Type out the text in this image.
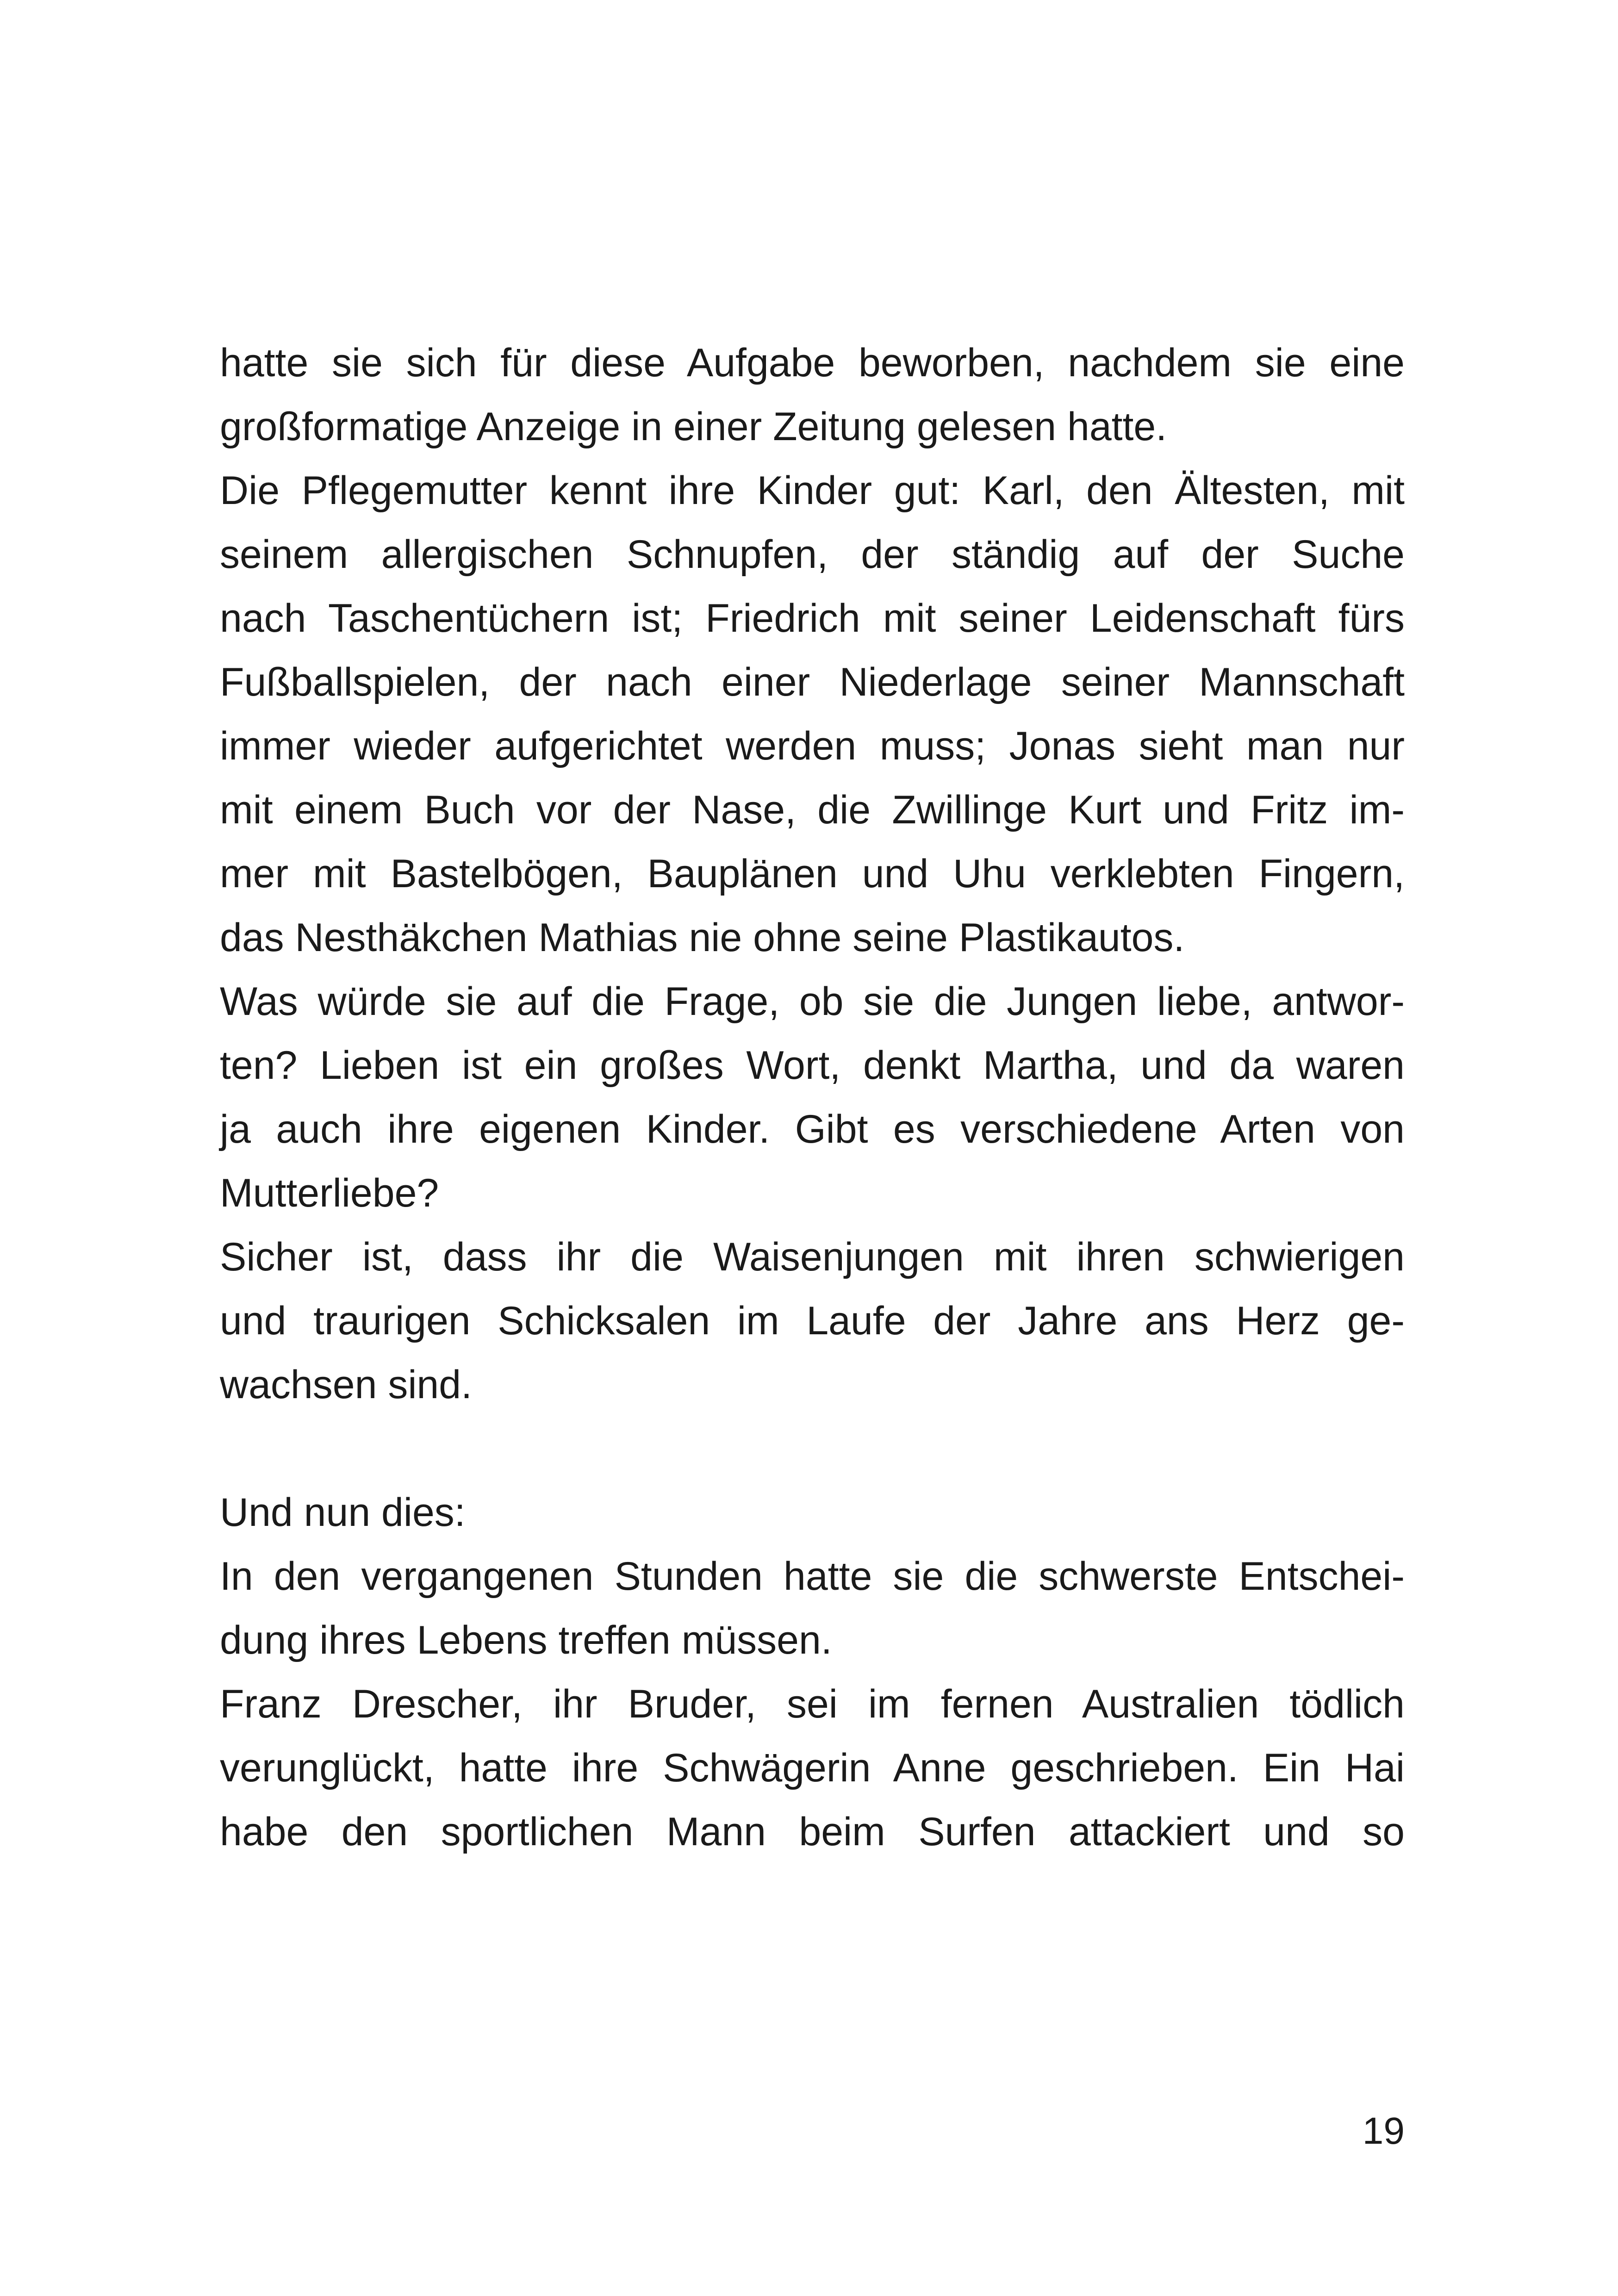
hatte sie sich für diese Aufgabe beworben, nachdem sie eine
großformatige Anzeige in einer Zeitung gelesen hatte.
Die Pflegemutter kennt ihre Kinder gut: Karl, den Ältesten, mit
seinem allergischen Schnupfen, der ständig auf der Suche
nach Taschentüchern ist; Friedrich mit seiner Leidenschaft fürs
Fußballspielen, der nach einer Niederlage seiner Mannschaft
immer wieder aufgerichtet werden muss; Jonas sieht man nur
mit einem Buch vor der Nase, die Zwillinge Kurt und Fritz im-
mer mit Bastelbögen, Bauplänen und Uhu verklebten Fingern,
das Nesthäkchen Mathias nie ohne seine Plastikautos.
Was würde sie auf die Frage, ob sie die Jungen liebe, antwor-
ten? Lieben ist ein großes Wort, denkt Martha, und da waren
ja auch ihre eigenen Kinder. Gibt es verschiedene Arten von
Mutterliebe?
Sicher ist, dass ihr die Waisenjungen mit ihren schwierigen
und traurigen Schicksalen im Laufe der Jahre ans Herz ge-
wachsen sind.
Und nun dies:
In den vergangenen Stunden hatte sie die schwerste Entschei-
dung ihres Lebens treffen müssen.
Franz Drescher, ihr Bruder, sei im fernen Australien tödlich
verunglückt, hatte ihre Schwägerin Anne geschrieben. Ein Hai
habe den sportlichen Mann beim Surfen attackiert und so
19
